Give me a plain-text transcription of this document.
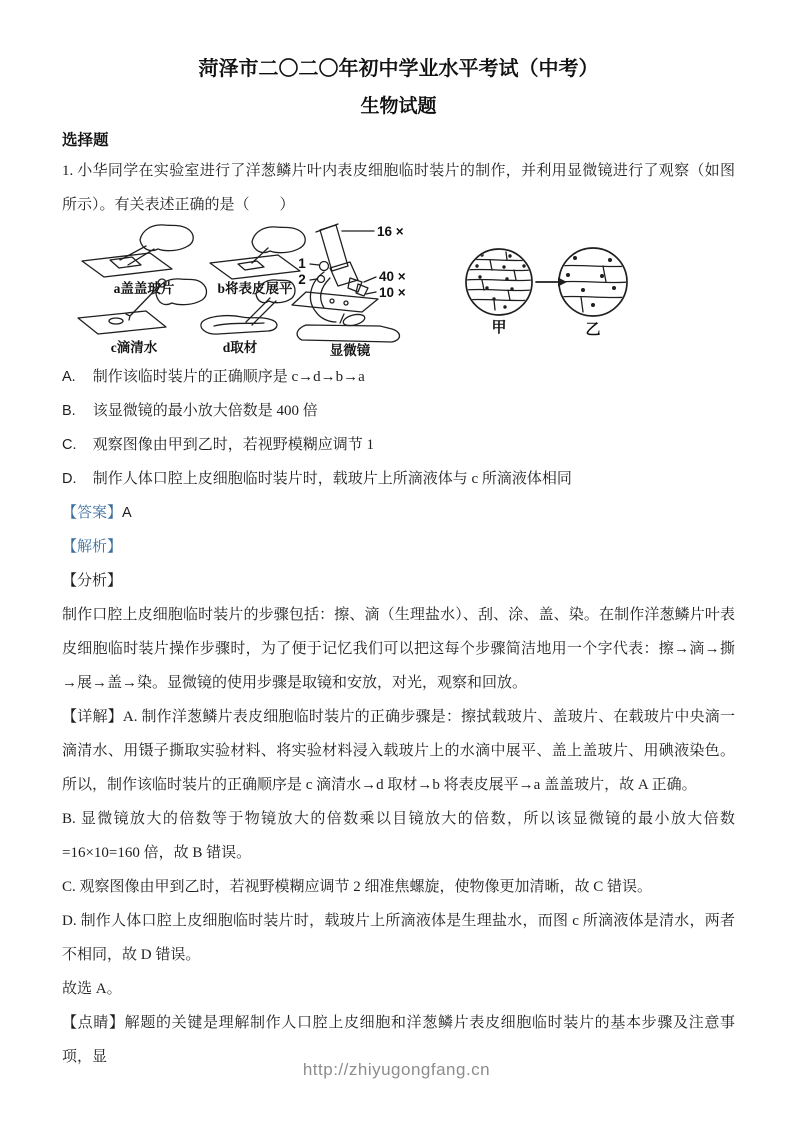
菏泽市二〇二〇年初中学业水平考试（中考）

生物试题

选择题

1. 小华同学在实验室进行了洋葱鳞片叶内表皮细胞临时装片的制作，并利用显微镜进行了观察（如图所示）。有关表述正确的是（　　）

a盖盖玻片	b将表皮展平
c滴清水	d取材
1
2
16 ×
40 ×
10 ×
显微镜
甲	乙

A. 制作该临时装片的正确顺序是 c→d→b→a

B. 该显微镜的最小放大倍数是 400 倍

C. 观察图像由甲到乙时，若视野模糊应调节 1

D. 制作人体口腔上皮细胞临时装片时，载玻片上所滴液体与 c 所滴液体相同

【答案】A

【解析】

【分析】

制作口腔上皮细胞临时装片的步骤包括：擦、滴（生理盐水）、刮、涂、盖、染。在制作洋葱鳞片叶表皮细胞临时装片操作步骤时，为了便于记忆我们可以把这每个步骤简洁地用一个字代表：擦→滴→撕→展→盖→染。显微镜的使用步骤是取镜和安放，对光，观察和回放。

【详解】A. 制作洋葱鳞片表皮细胞临时装片的正确步骤是：擦拭载玻片、盖玻片、在载玻片中央滴一滴清水、用镊子撕取实验材料、将实验材料浸入载玻片上的水滴中展平、盖上盖玻片、用碘液染色。所以，制作该临时装片的正确顺序是 c 滴清水→d 取材→b 将表皮展平→a 盖盖玻片，故 A 正确。

B. 显微镜放大的倍数等于物镜放大的倍数乘以目镜放大的倍数，所以该显微镜的最小放大倍数=16×10=160 倍，故 B 错误。

C. 观察图像由甲到乙时，若视野模糊应调节 2 细准焦螺旋，使物像更加清晰，故 C 错误。

D. 制作人体口腔上皮细胞临时装片时，载玻片上所滴液体是生理盐水，而图 c 所滴液体是清水，两者不相同，故 D 错误。

故选 A。

【点睛】解题的关键是理解制作人口腔上皮细胞和洋葱鳞片表皮细胞临时装片的基本步骤及注意事项，显

http://zhiyugongfang.cn
